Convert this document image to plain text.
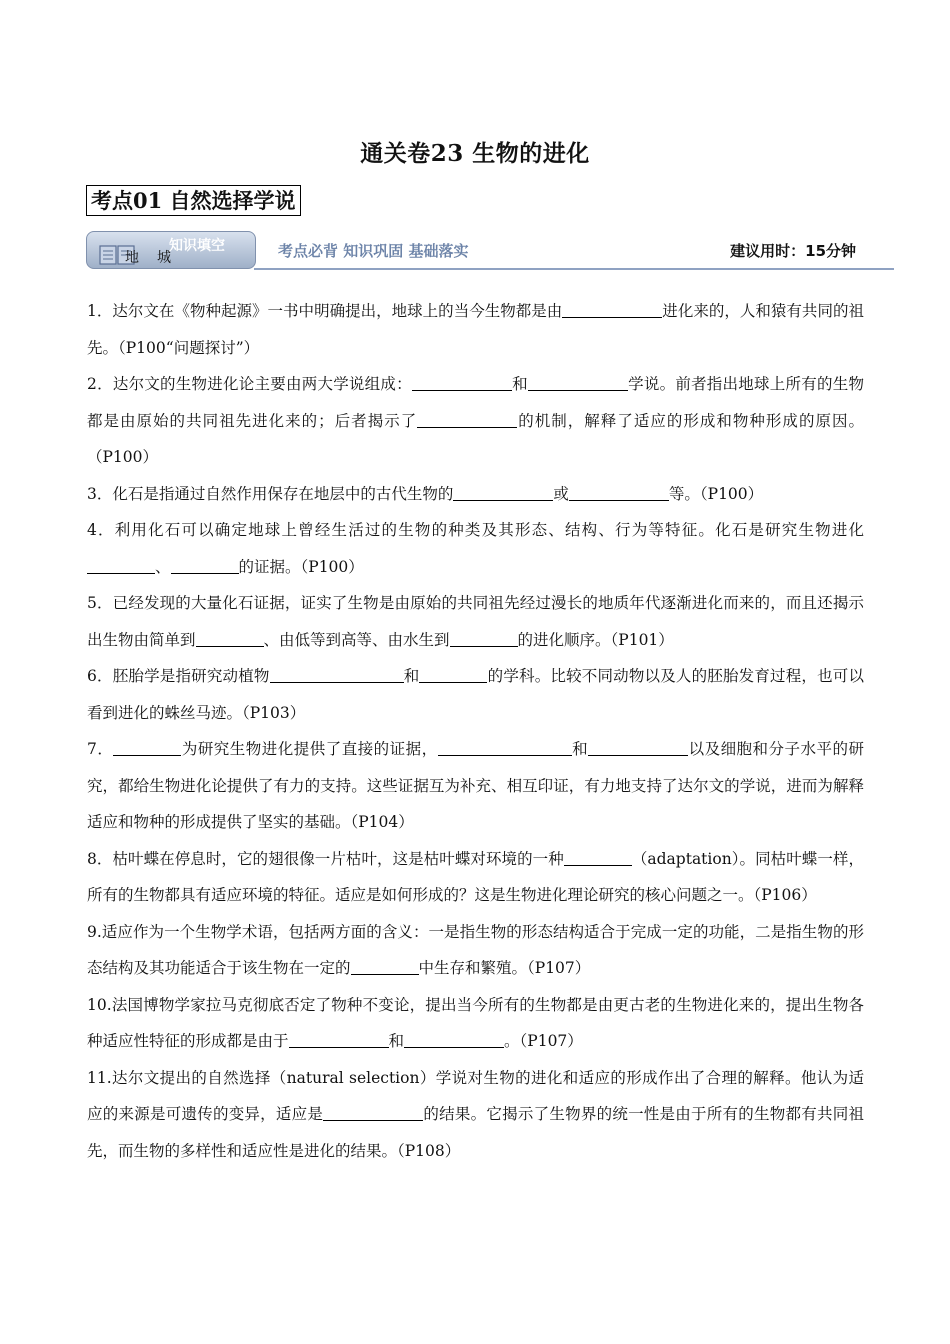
通关卷23 生物的进化
考点01 自然选择学说
知识填空
地城	考点必背 知识巩固 基础落实	建议用时：15分钟

1．达尔文在《物种起源》一书中明确提出，地球上的当今生物都是由	进化来的，人和猿有共同的祖先。（P100“问题探讨”）

2．达尔文的生物进化论主要由两大学说组成：	和	学说。前者指出地球上所有的生物都是由原始的共同祖先进化来的；后者揭示了	的机制，解释了适应的形成和物种形成的原因。（P100）

3．化石是指通过自然作用保存在地层中的古代生物的	或	等。（P100）

4．利用化石可以确定地球上曾经生活过的生物的种类及其形态、结构、行为等特征。化石是研究生物进化、	的证据。（P100）

5．已经发现的大量化石证据，证实了生物是由原始的共同祖先经过漫长的地质年代逐渐进化而来的，而且还揭示出生物由简单到	、由低等到高等、由水生到	的进化顺序。（P101）

6．胚胎学是指研究动植物	和	的学科。比较不同动物以及人的胚胎发育过程，也可以看到进化的蛛丝马迹。（P103）

7．	为研究生物进化提供了直接的证据，	和	以及细胞和分子水平的研究，都给生物进化论提供了有力的支持。这些证据互为补充、相互印证，有力地支持了达尔文的学说，进而为解释适应和物种的形成提供了坚实的基础。（P104）

8．枯叶蝶在停息时，它的翅很像一片枯叶，这是枯叶蝶对环境的一种	（adaptation）。同枯叶蝶一样，所有的生物都具有适应环境的特征。适应是如何形成的？这是生物进化理论研究的核心问题之一。（P106）

9.适应作为一个生物学术语，包括两方面的含义：一是指生物的形态结构适合于完成一定的功能，二是指生物的形态结构及其功能适合于该生物在一定的	中生存和繁殖。（P107）

10.法国博物学家拉马克彻底否定了物种不变论，提出当今所有的生物都是由更古老的生物进化来的，提出生物各种适应性特征的形成都是由于	和	。（P107）

11.达尔文提出的自然选择（natural selection）学说对生物的进化和适应的形成作出了合理的解释。他认为适应的来源是可遗传的变异，适应是	的结果。它揭示了生物界的统一性是由于所有的生物都有共同祖先，而生物的多样性和适应性是进化的结果。（P108）
